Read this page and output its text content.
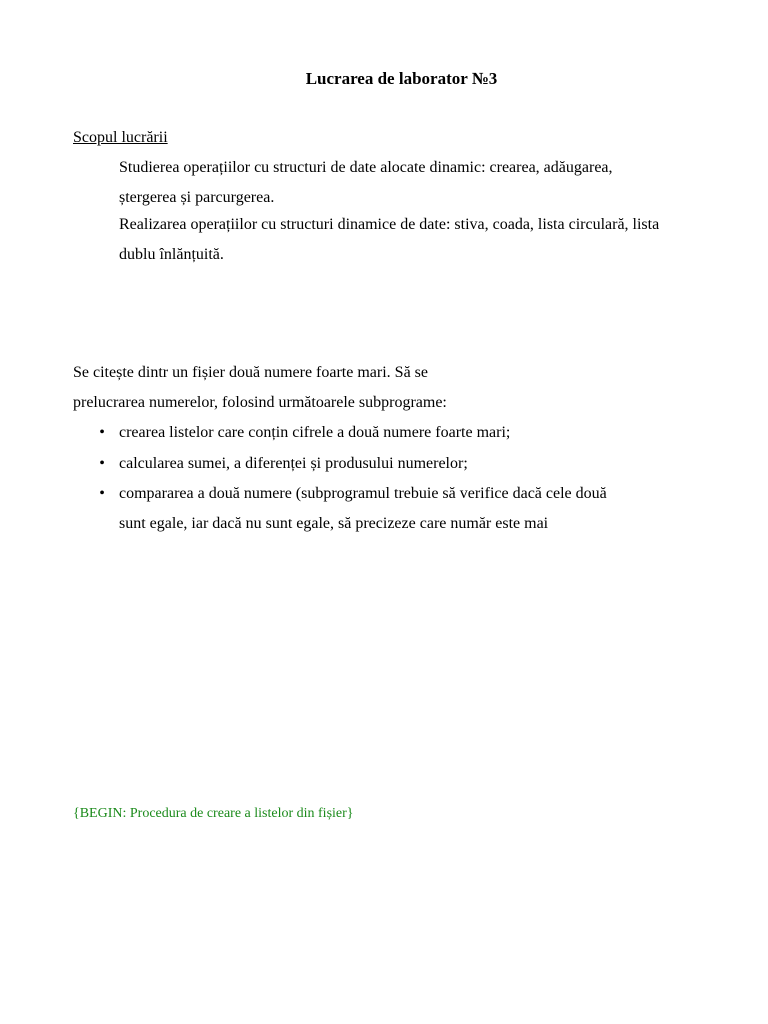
Lucrarea de laborator №3
Scopul lucrării
Studierea operațiilor cu structuri de date alocate dinamic: crearea, adăugarea,
ștergerea și parcurgerea.
Realizarea operațiilor cu structuri dinamice de date: stiva, coada, lista circulară, lista
dublu înlănțuită.
Se citește dintr un fișier două numere foarte mari. Să se
prelucrarea numerelor, folosind următoarele subprograme:
• crearea listelor care conțin cifrele a două numere foarte mari;
• calcularea sumei, a diferenței și produsului numerelor;
• compararea a două numere (subprogramul trebuie să verifice dacă cele două
sunt egale, iar dacă nu sunt egale, să precizeze care număr este mai
{BEGIN: Procedura de creare a listelor din fișier}
